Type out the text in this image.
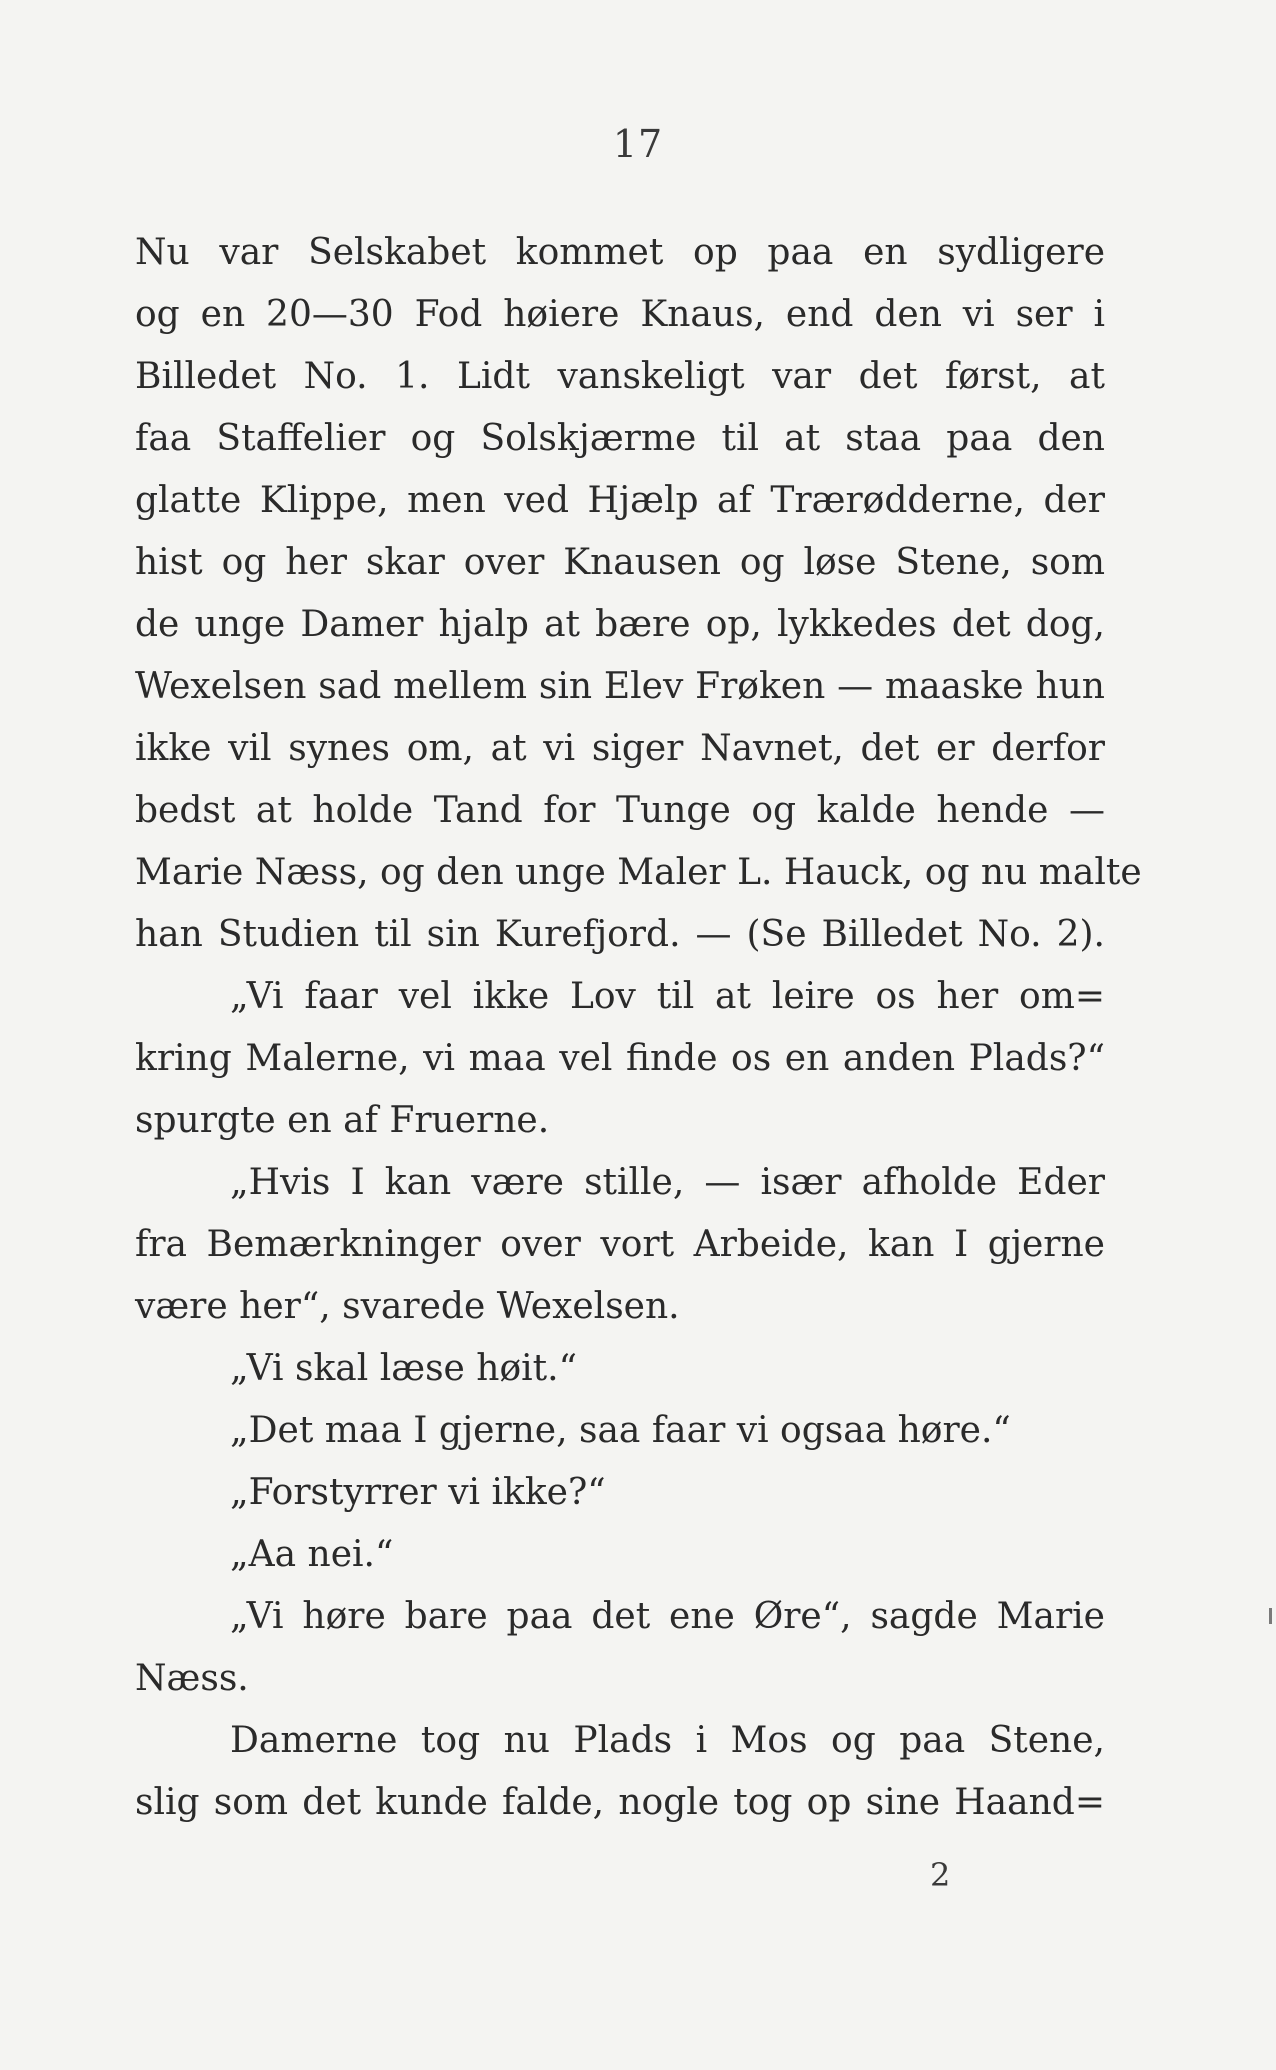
17
Nu var Selskabet kommet op paa en sydligere
og en 20—30 Fod høiere Knaus, end den vi ser i
Billedet No. 1. Lidt vanskeligt var det først, at
faa Staffelier og Solskjærme til at staa paa den
glatte Klippe, men ved Hjælp af Trærødderne, der
hist og her skar over Knausen og løse Stene, som
de unge Damer hjalp at bære op, lykkedes det dog,
Wexelsen sad mellem sin Elev Frøken — maaske hun
ikke vil synes om, at vi siger Navnet, det er derfor
bedst at holde Tand for Tunge og kalde hende —
Marie Næss, og den unge Maler L. Hauck, og nu malte
han Studien til sin Kurefjord. — (Se Billedet No. 2).
„Vi faar vel ikke Lov til at leire os her om=
kring Malerne, vi maa vel finde os en anden Plads?“
spurgte en af Fruerne.
„Hvis I kan være stille, — især afholde Eder
fra Bemærkninger over vort Arbeide, kan I gjerne
være her“, svarede Wexelsen.
„Vi skal læse høit.“
„Det maa I gjerne, saa faar vi ogsaa høre.“
„Forstyrrer vi ikke?“
„Aa nei.“
„Vi høre bare paa det ene Øre“, sagde Marie
Næss.
Damerne tog nu Plads i Mos og paa Stene,
slig som det kunde falde, nogle tog op sine Haand=
2
